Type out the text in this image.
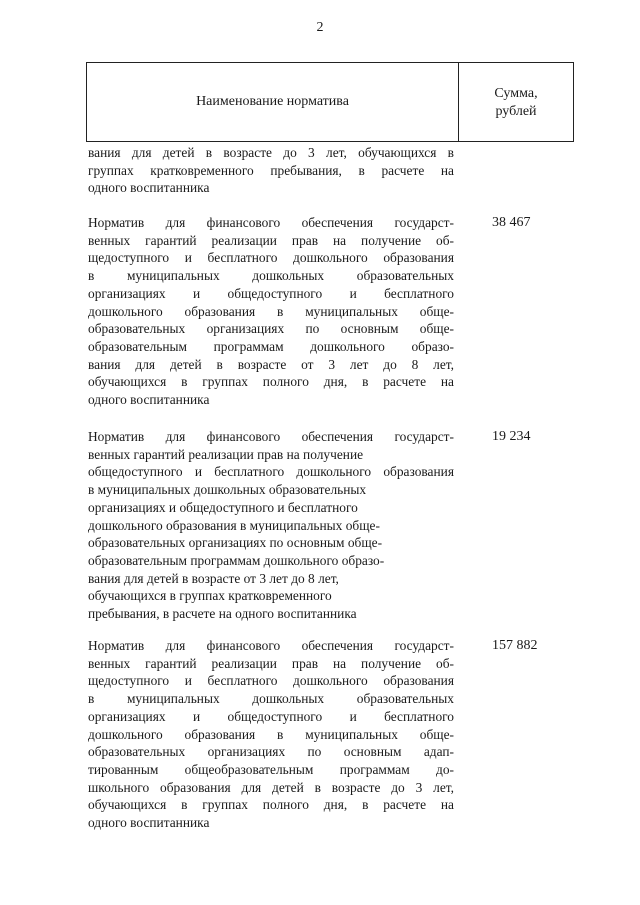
2
Наименование норматива
Сумма,
рублей
вания для детей в возрасте до 3 лет, обучающихся в
группах кратковременного пребывания, в расчете на
одного воспитанника
Норматив для финансового обеспечения государст-
венных гарантий реализации прав на получение об-
щедоступного и бесплатного дошкольного образования
в муниципальных дошкольных образовательных
организациях и общедоступного и бесплатного
дошкольного образования в муниципальных обще-
образовательных организациях по основным обще-
образовательным программам дошкольного образо-
вания для детей в возрасте от 3 лет до 8 лет,
обучающихся в группах полного дня, в расчете на
одного воспитанника
38 467
Норматив для финансового обеспечения государст-
венных гарантий реализации прав на получение
общедоступного и бесплатного дошкольного образования
в муниципальных дошкольных образовательных
организациях и общедоступного и бесплатного
дошкольного образования в муниципальных обще-
образовательных организациях по основным обще-
образовательным программам дошкольного образо-
вания для детей в возрасте от 3 лет до 8 лет,
обучающихся в группах кратковременного
пребывания, в расчете на одного воспитанника
19 234
Норматив для финансового обеспечения государст-
венных гарантий реализации прав на получение об-
щедоступного и бесплатного дошкольного образования
в муниципальных дошкольных образовательных
организациях и общедоступного и бесплатного
дошкольного образования в муниципальных обще-
образовательных организациях по основным адап-
тированным общеобразовательным программам до-
школьного образования для детей в возрасте до 3 лет,
обучающихся в группах полного дня, в расчете на
одного воспитанника
157 882
